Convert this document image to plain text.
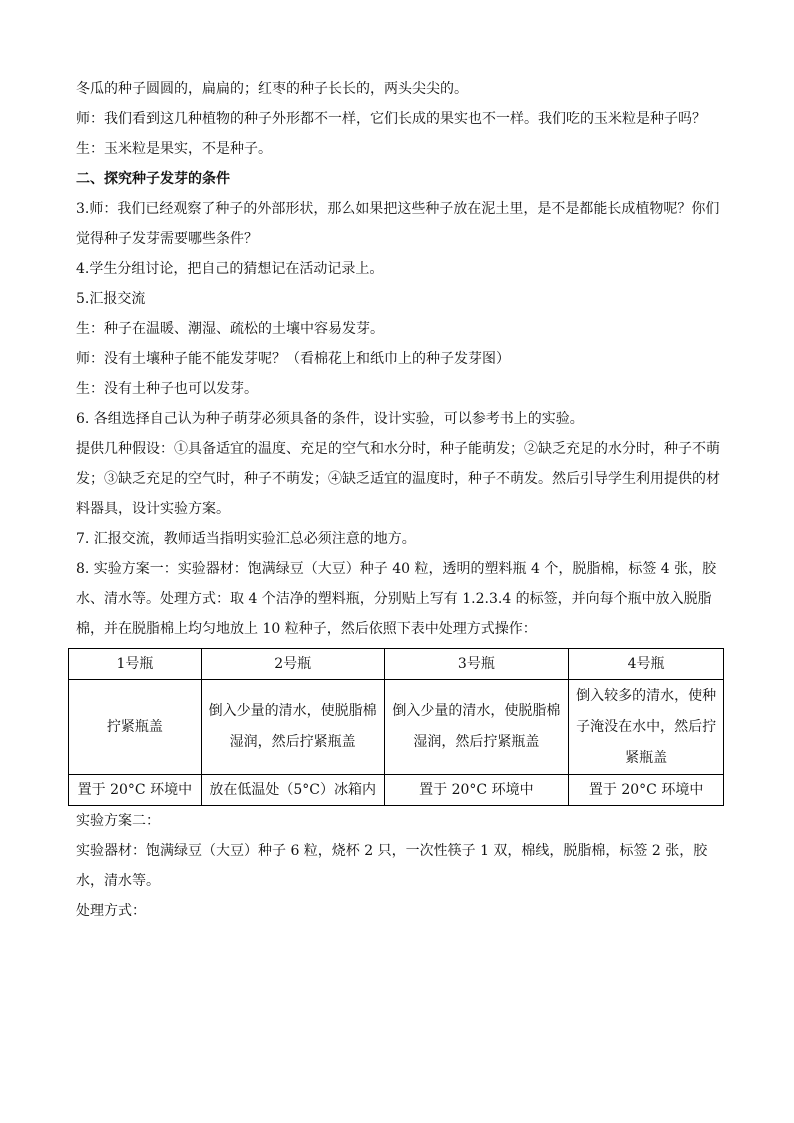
冬瓜的种子圆圆的，扁扁的；红枣的种子长长的，两头尖尖的。

师：我们看到这几种植物的种子外形都不一样，它们长成的果实也不一样。我们吃的玉米粒是种子吗？

生：玉米粒是果实，不是种子。

二、探究种子发芽的条件

3.师：我们已经观察了种子的外部形状，那么如果把这些种子放在泥土里，是不是都能长成植物呢？你们觉得种子发芽需要哪些条件？

4.学生分组讨论，把自己的猜想记在活动记录上。

5.汇报交流

生：种子在温暖、潮湿、疏松的土壤中容易发芽。

师：没有土壤种子能不能发芽呢？（看棉花上和纸巾上的种子发芽图）

生：没有土种子也可以发芽。

6. 各组选择自己认为种子萌芽必须具备的条件，设计实验，可以参考书上的实验。

提供几种假设：①具备适宜的温度、充足的空气和水分时，种子能萌发；②缺乏充足的水分时，种子不萌发；③缺乏充足的空气时，种子不萌发；④缺乏适宜的温度时，种子不萌发。然后引导学生利用提供的材料器具，设计实验方案。

7. 汇报交流，教师适当指明实验汇总必须注意的地方。

8. 实验方案一：实验器材：饱满绿豆（大豆）种子 40 粒，透明的塑料瓶 4 个，脱脂棉，标签 4 张，胶水、清水等。处理方式：取 4 个洁净的塑料瓶，分别贴上写有 1.2.3.4 的标签，并向每个瓶中放入脱脂棉，并在脱脂棉上均匀地放上 10 粒种子，然后依照下表中处理方式操作：

1号瓶	2号瓶	3号瓶	4号瓶
拧紧瓶盖	倒入少量的清水，使脱脂棉湿润，然后拧紧瓶盖	倒入少量的清水，使脱脂棉湿润，然后拧紧瓶盖	倒入较多的清水，使种子淹没在水中，然后拧紧瓶盖
置于 20°C 环境中	放在低温处（5°C）冰箱内	置于 20°C 环境中	置于 20°C 环境中

实验方案二：

实验器材：饱满绿豆（大豆）种子 6 粒，烧杯 2 只，一次性筷子 1 双，棉线，脱脂棉，标签 2 张，胶水，清水等。

处理方式：
